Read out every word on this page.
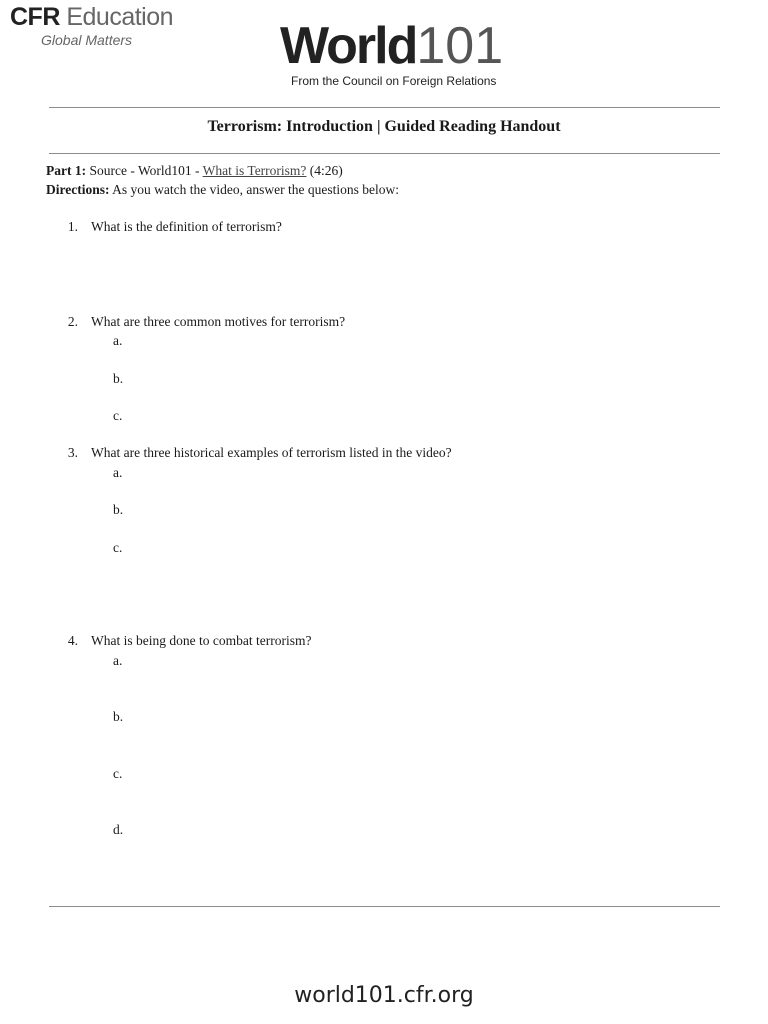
CFR Education
Global Matters	World101
From the Council on Foreign Relations
Terrorism: Introduction | Guided Reading Handout
Part 1: Source - World101 - What is Terrorism? (4:26)
Directions: As you watch the video, answer the questions below:
1. What is the definition of terrorism?
2. What are three common motives for terrorism?
a.
b.
c.
3. What are three historical examples of terrorism listed in the video?
a.
b.
c.
4. What is being done to combat terrorism?
a.
b.
c.
d.
world101.cfr.org
